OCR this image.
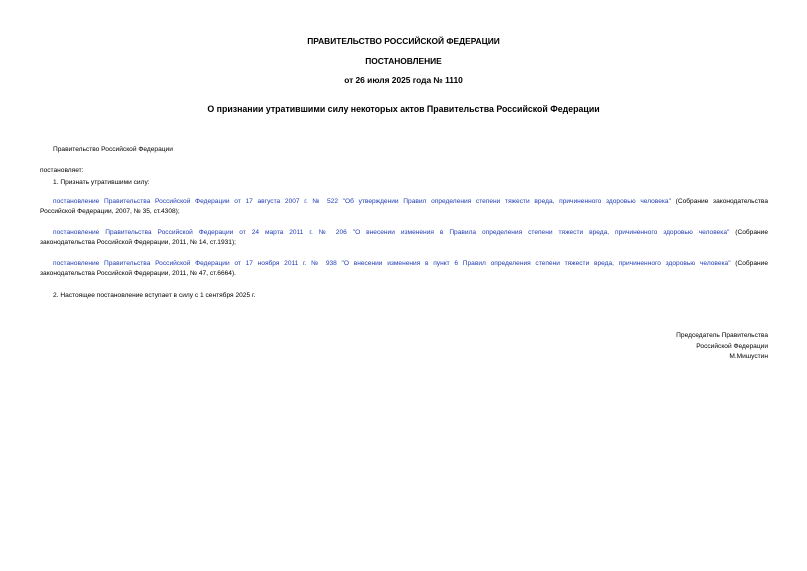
ПРАВИТЕЛЬСТВО РОССИЙСКОЙ ФЕДЕРАЦИИ
ПОСТАНОВЛЕНИЕ
от 26 июля 2025 года № 1110
О признании утратившими силу некоторых актов Правительства Российской Федерации
Правительство Российской Федерации
постановляет:
1. Признать утратившими силу:
постановление Правительства Российской Федерации от 17 августа 2007 г. № 522 "Об утверждении Правил определения степени тяжести вреда, причиненного здоровью человека" (Собрание законодательства
Российской Федерации, 2007, № 35, ст.4308);
постановление Правительства Российской Федерации от 24 марта 2011 г. № 206 "О внесении изменения в Правила определения степени тяжести вреда, причиненного здоровью человека" (Собрание
законодательства Российской Федерации, 2011, № 14, ст.1931);
постановление Правительства Российской Федерации от 17 ноября 2011 г. № 938 "О внесении изменения в пункт 6 Правил определения степени тяжести вреда, причиненного здоровью человека" (Собрание
законодательства Российской Федерации, 2011, № 47, ст.6664).
2. Настоящее постановление вступает в силу с 1 сентября 2025 г.
Председатель Правительства
Российской Федерации
М.Мишустин
